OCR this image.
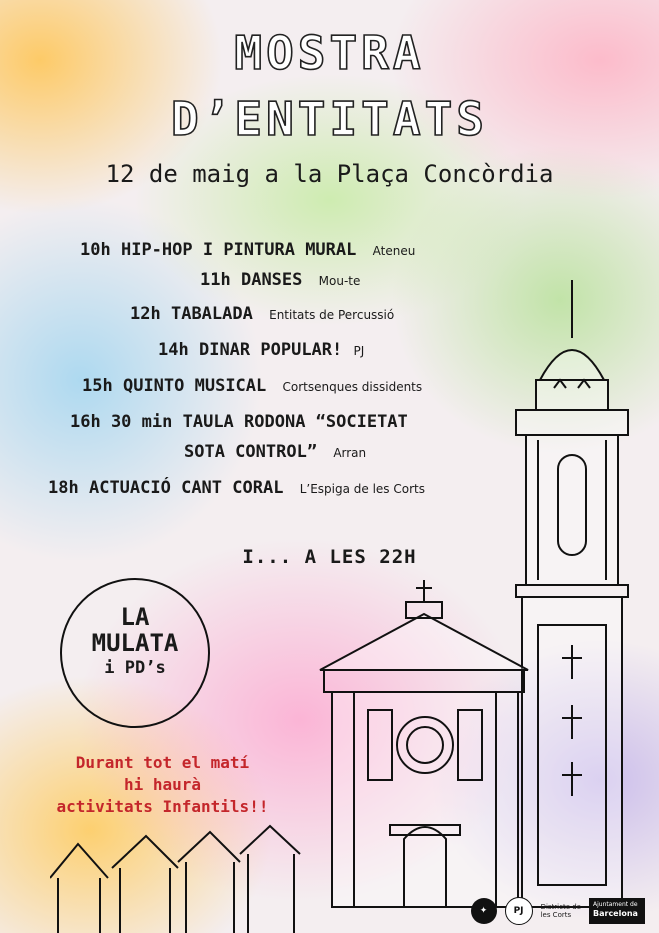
MOSTRA
D’ENTITATS
12 de maig a la Plaça Concòrdia
10h HIP-HOP I PINTURA MURAL Ateneu
11h DANSES Mou-te
12h TABALADA Entitats de Percussió
14h DINAR POPULAR! PJ
15h QUINTO MUSICAL Cortsenques dissidents
16h 30 min TAULA RODONA “SOCIETAT
SOTA CONTROL” Arran
18h ACTUACIÓ CANT CORAL L’Espiga de les Corts
I... A LES 22H
LA
MULATA
i PD’s
Durant tot el matí
hi haurà
activitats Infantils!!
✦	PJ	Districte de
les Corts
Ajuntament de
Barcelona
